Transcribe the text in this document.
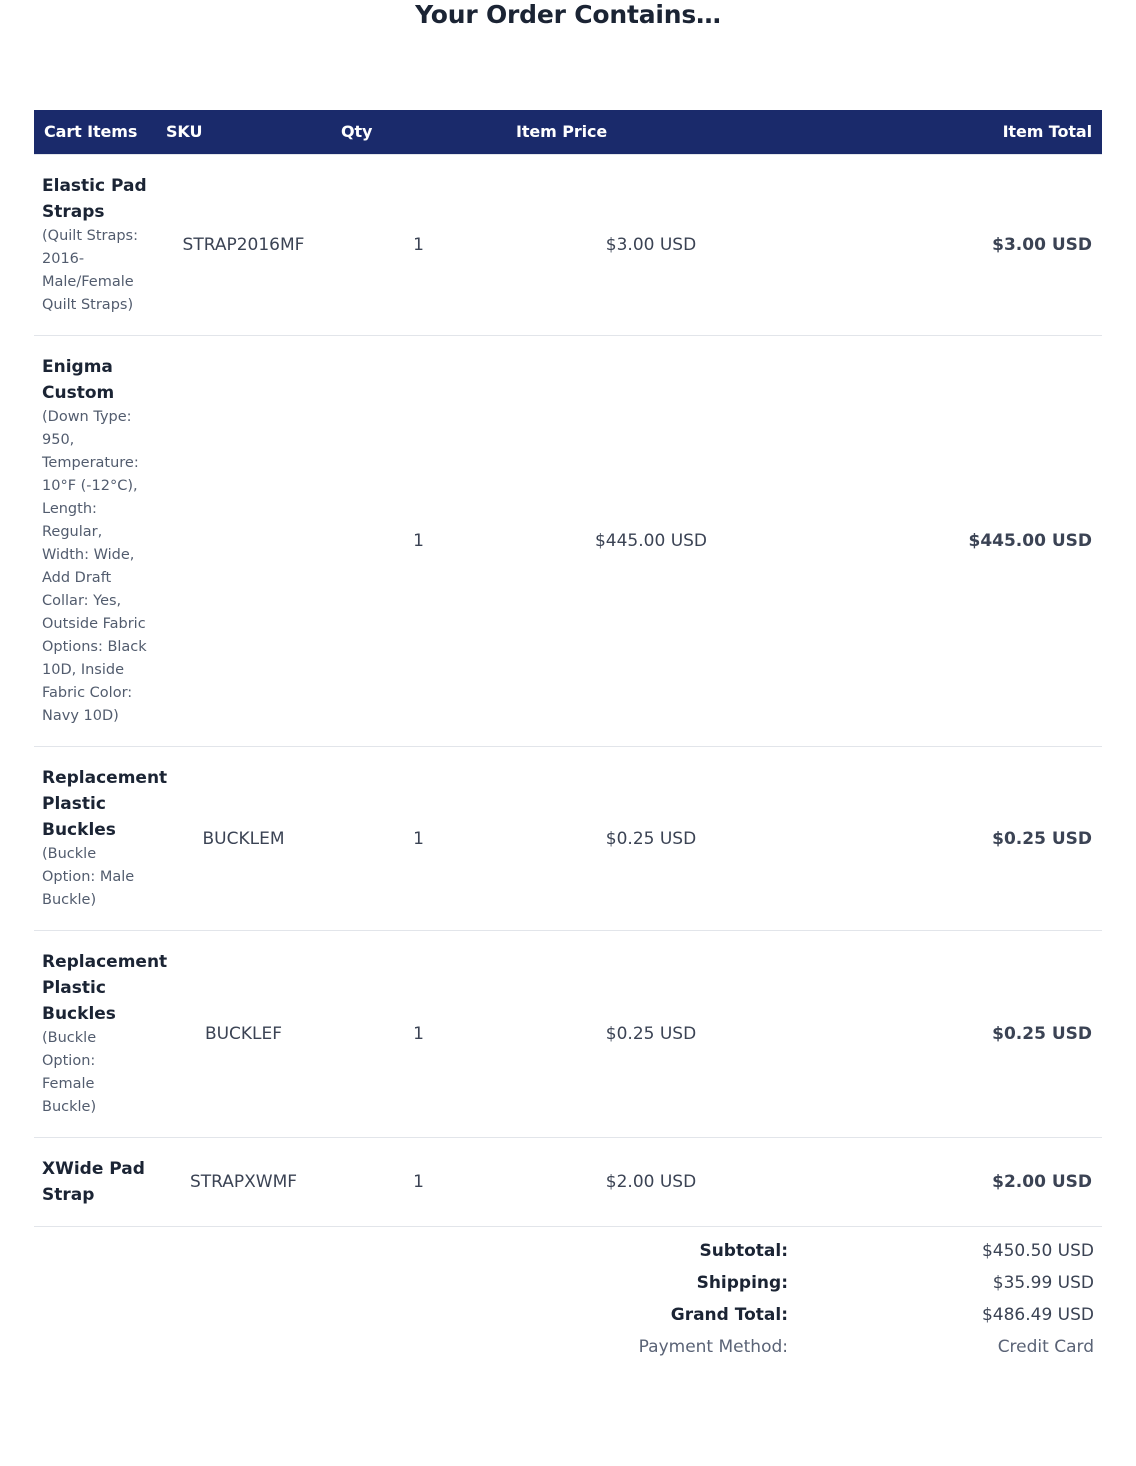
Your Order Contains…
Cart Items	SKU	Qty	Item Price	Item Total

Elastic Pad Straps
(Quilt Straps: 2016-Male/Female Quilt Straps)	STRAP2016MF	1	$3.00 USD	$3.00 USD

Enigma Custom
(Down Type: 950, Temperature: 10°F (-12°C), Length: Regular, Width: Wide, Add Draft Collar: Yes, Outside Fabric Options: Black 10D, Inside Fabric Color: Navy 10D)		1	$445.00 USD	$445.00 USD

Replacement Plastic Buckles
(Buckle Option: Male Buckle)	BUCKLEM	1	$0.25 USD	$0.25 USD

Replacement Plastic Buckles
(Buckle Option: Female Buckle)	BUCKLEF	1	$0.25 USD	$0.25 USD

XWide Pad Strap	STRAPXWMF	1	$2.00 USD	$2.00 USD
		Subtotal:		$450.50 USD
		Shipping:		$35.99 USD
		Grand Total:		$486.49 USD
		Payment Method:		Credit Card
